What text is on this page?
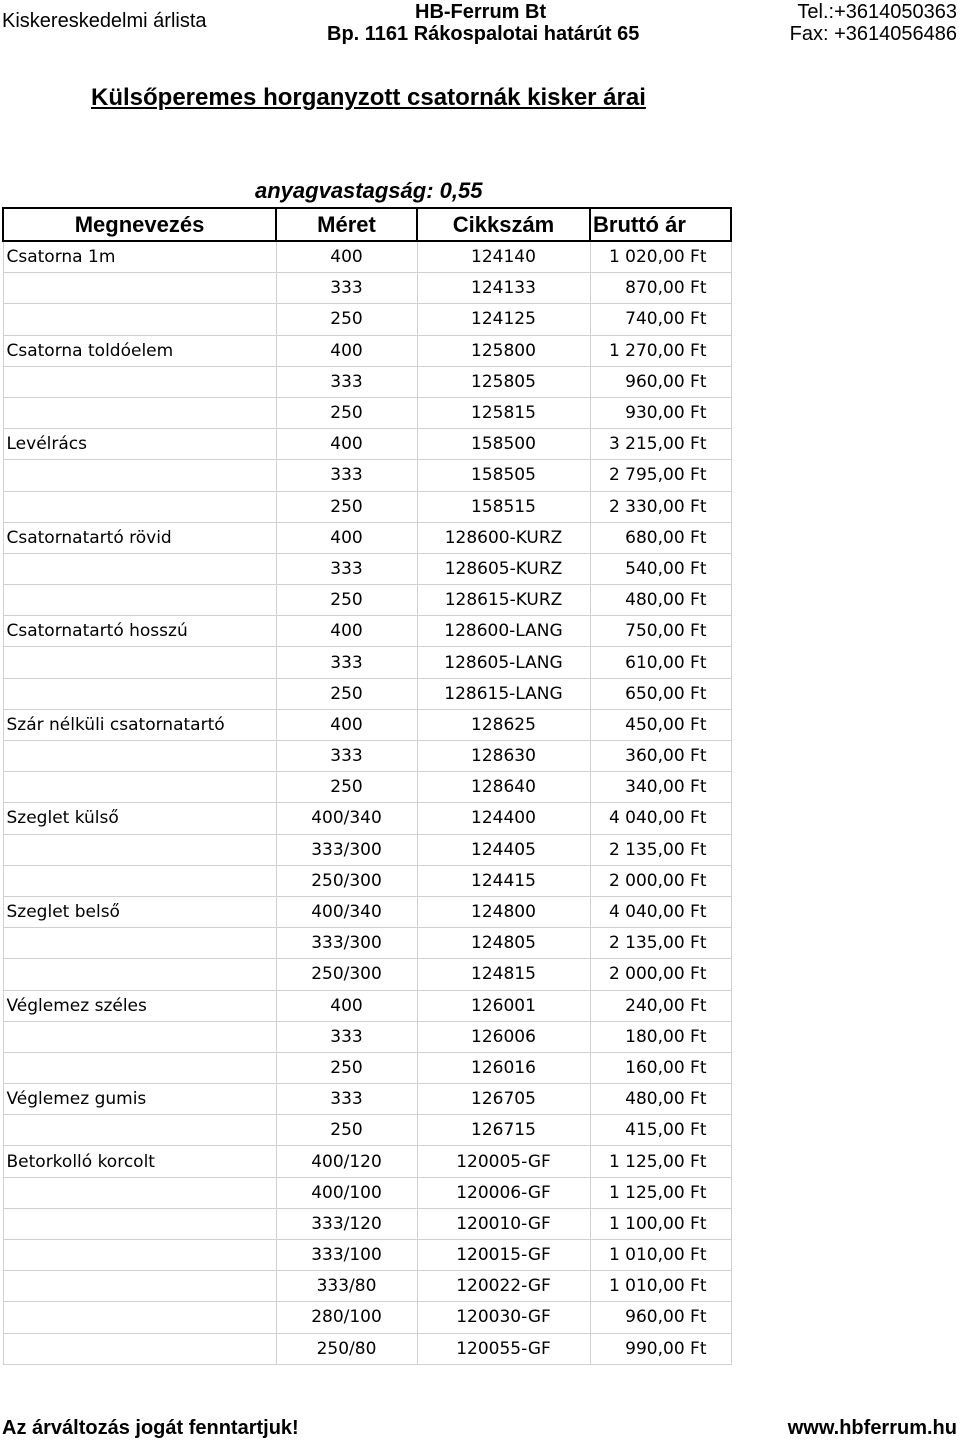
Kiskereskedelmi árlista	HB-Ferrum Bt
Bp. 1161 Rákospalotai határút 65
Tel.:+3614050363
Fax: +3614056486
Külsőperemes horganyzott csatornák kisker árai
anyagvastagság: 0,55
Megnevezés	Méret	Cikkszám	Bruttó ár
Csatorna 1m	400	124140	1 020,00 Ft
	333	124133	870,00 Ft
	250	124125	740,00 Ft
Csatorna toldóelem	400	125800	1 270,00 Ft
	333	125805	960,00 Ft
	250	125815	930,00 Ft
Levélrács	400	158500	3 215,00 Ft
	333	158505	2 795,00 Ft
	250	158515	2 330,00 Ft
Csatornatartó rövid	400	128600-KURZ	680,00 Ft
	333	128605-KURZ	540,00 Ft
	250	128615-KURZ	480,00 Ft
Csatornatartó hosszú	400	128600-LANG	750,00 Ft
	333	128605-LANG	610,00 Ft
	250	128615-LANG	650,00 Ft
Szár nélküli csatornatartó	400	128625	450,00 Ft
	333	128630	360,00 Ft
	250	128640	340,00 Ft
Szeglet külső	400/340	124400	4 040,00 Ft
	333/300	124405	2 135,00 Ft
	250/300	124415	2 000,00 Ft
Szeglet belső	400/340	124800	4 040,00 Ft
	333/300	124805	2 135,00 Ft
	250/300	124815	2 000,00 Ft
Véglemez széles	400	126001	240,00 Ft
	333	126006	180,00 Ft
	250	126016	160,00 Ft
Véglemez gumis	333	126705	480,00 Ft
	250	126715	415,00 Ft
Betorkolló korcolt	400/120	120005-GF	1 125,00 Ft
	400/100	120006-GF	1 125,00 Ft
	333/120	120010-GF	1 100,00 Ft
	333/100	120015-GF	1 010,00 Ft
	333/80	120022-GF	1 010,00 Ft
	280/100	120030-GF	960,00 Ft
	250/80	120055-GF	990,00 Ft
Az árváltozás jogát fenntartjuk!	www.hbferrum.hu
